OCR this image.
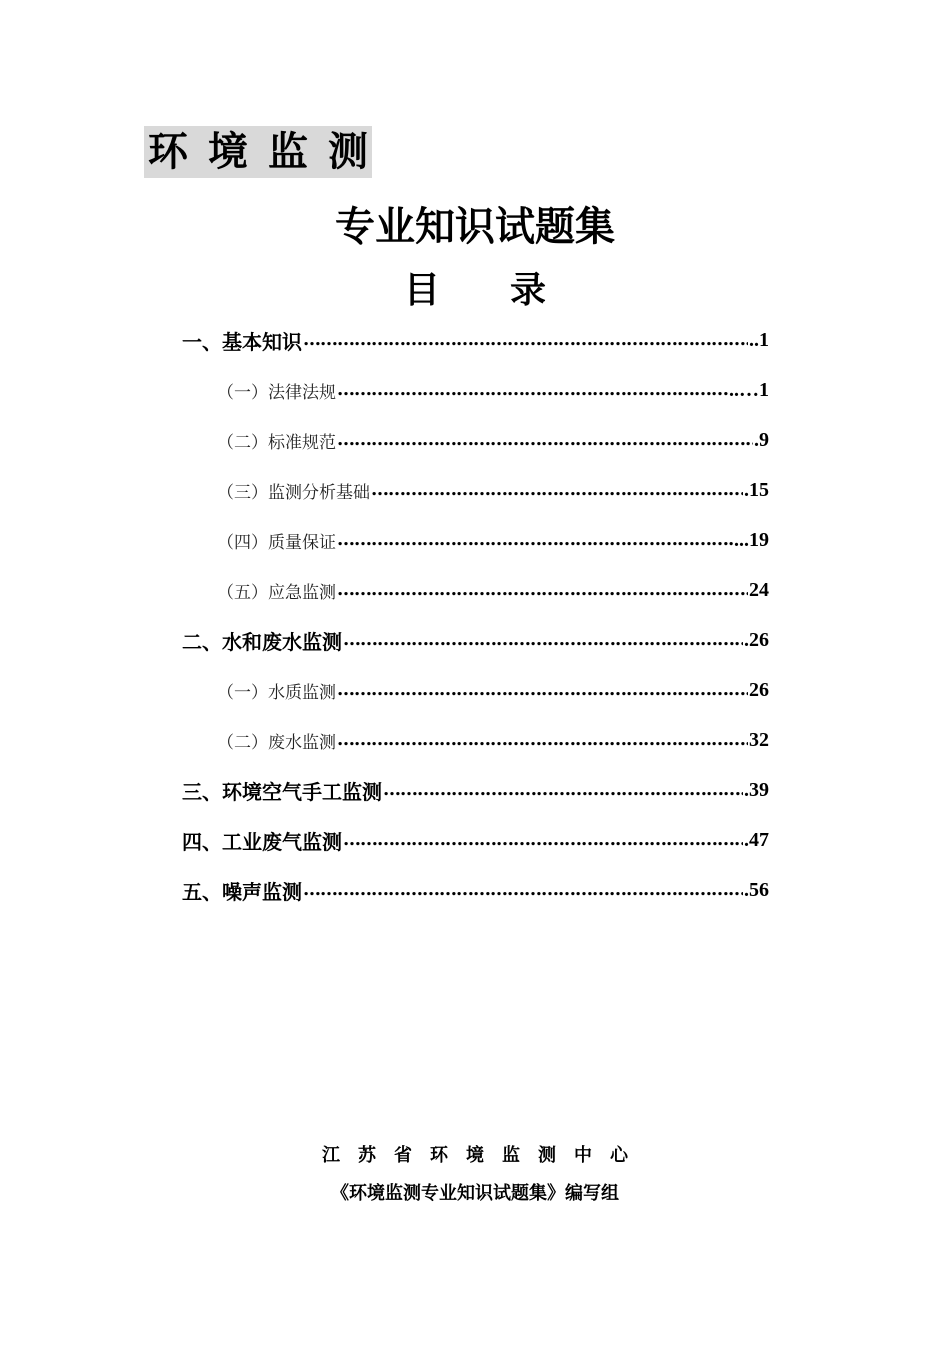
环 境 监 测
专业知识试题集
目 录
一、基本知识 ………………………………………………………………………………………………………………………………	..1
（一）法律法规 ………………………………………………………………………………………………………………………………	..…1
（二）标准规范 ………………………………………………………………………………………………………………………………	.9
（三）监测分析基础 ………………………………………………………………………………………………………………………………	.15
（四）质量保证 ………………………………………………………………………………………………………………………………	...19
（五）应急监测 ………………………………………………………………………………………………………………………………	24
二、水和废水监测 ………………………………………………………………………………………………………………………………	.26
（一）水质监测 ………………………………………………………………………………………………………………………………	26
（二）废水监测 ………………………………………………………………………………………………………………………………	32
三、环境空气手工监测 ………………………………………………………………………………………………………………………………	.39
四、工业废气监测 ………………………………………………………………………………………………………………………………	.47
五、噪声监测 ………………………………………………………………………………………………………………………………	.56
江苏省环境监测中心
《环境监测专业知识试题集》编写组
